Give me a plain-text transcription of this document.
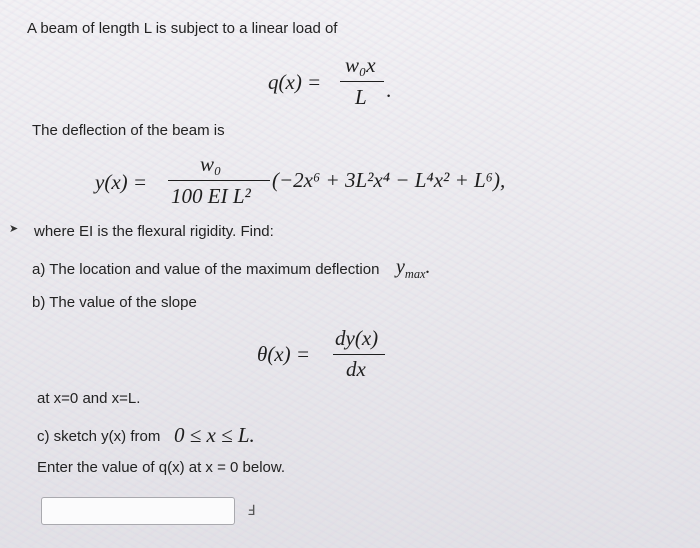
A beam of length L is subject to a linear load of
q(x) =
w₀x
L .
The deflection of the beam is
y(x) =
w₀
100 EI L²
(−2x⁶ + 3L²x⁴ − L⁴x² + L⁶),
➤ where EI is the flexural rigidity. Find:
a) The location and value of the maximum deflection $y_{max}$.
b) The value of the slope
θ(x) =
dy(x)
dx
at x=0 and x=L.
c) sketch y(x) from 0 ≤ x ≤ L.
Enter the value of q(x) at x = 0 below.
Ⅎ
